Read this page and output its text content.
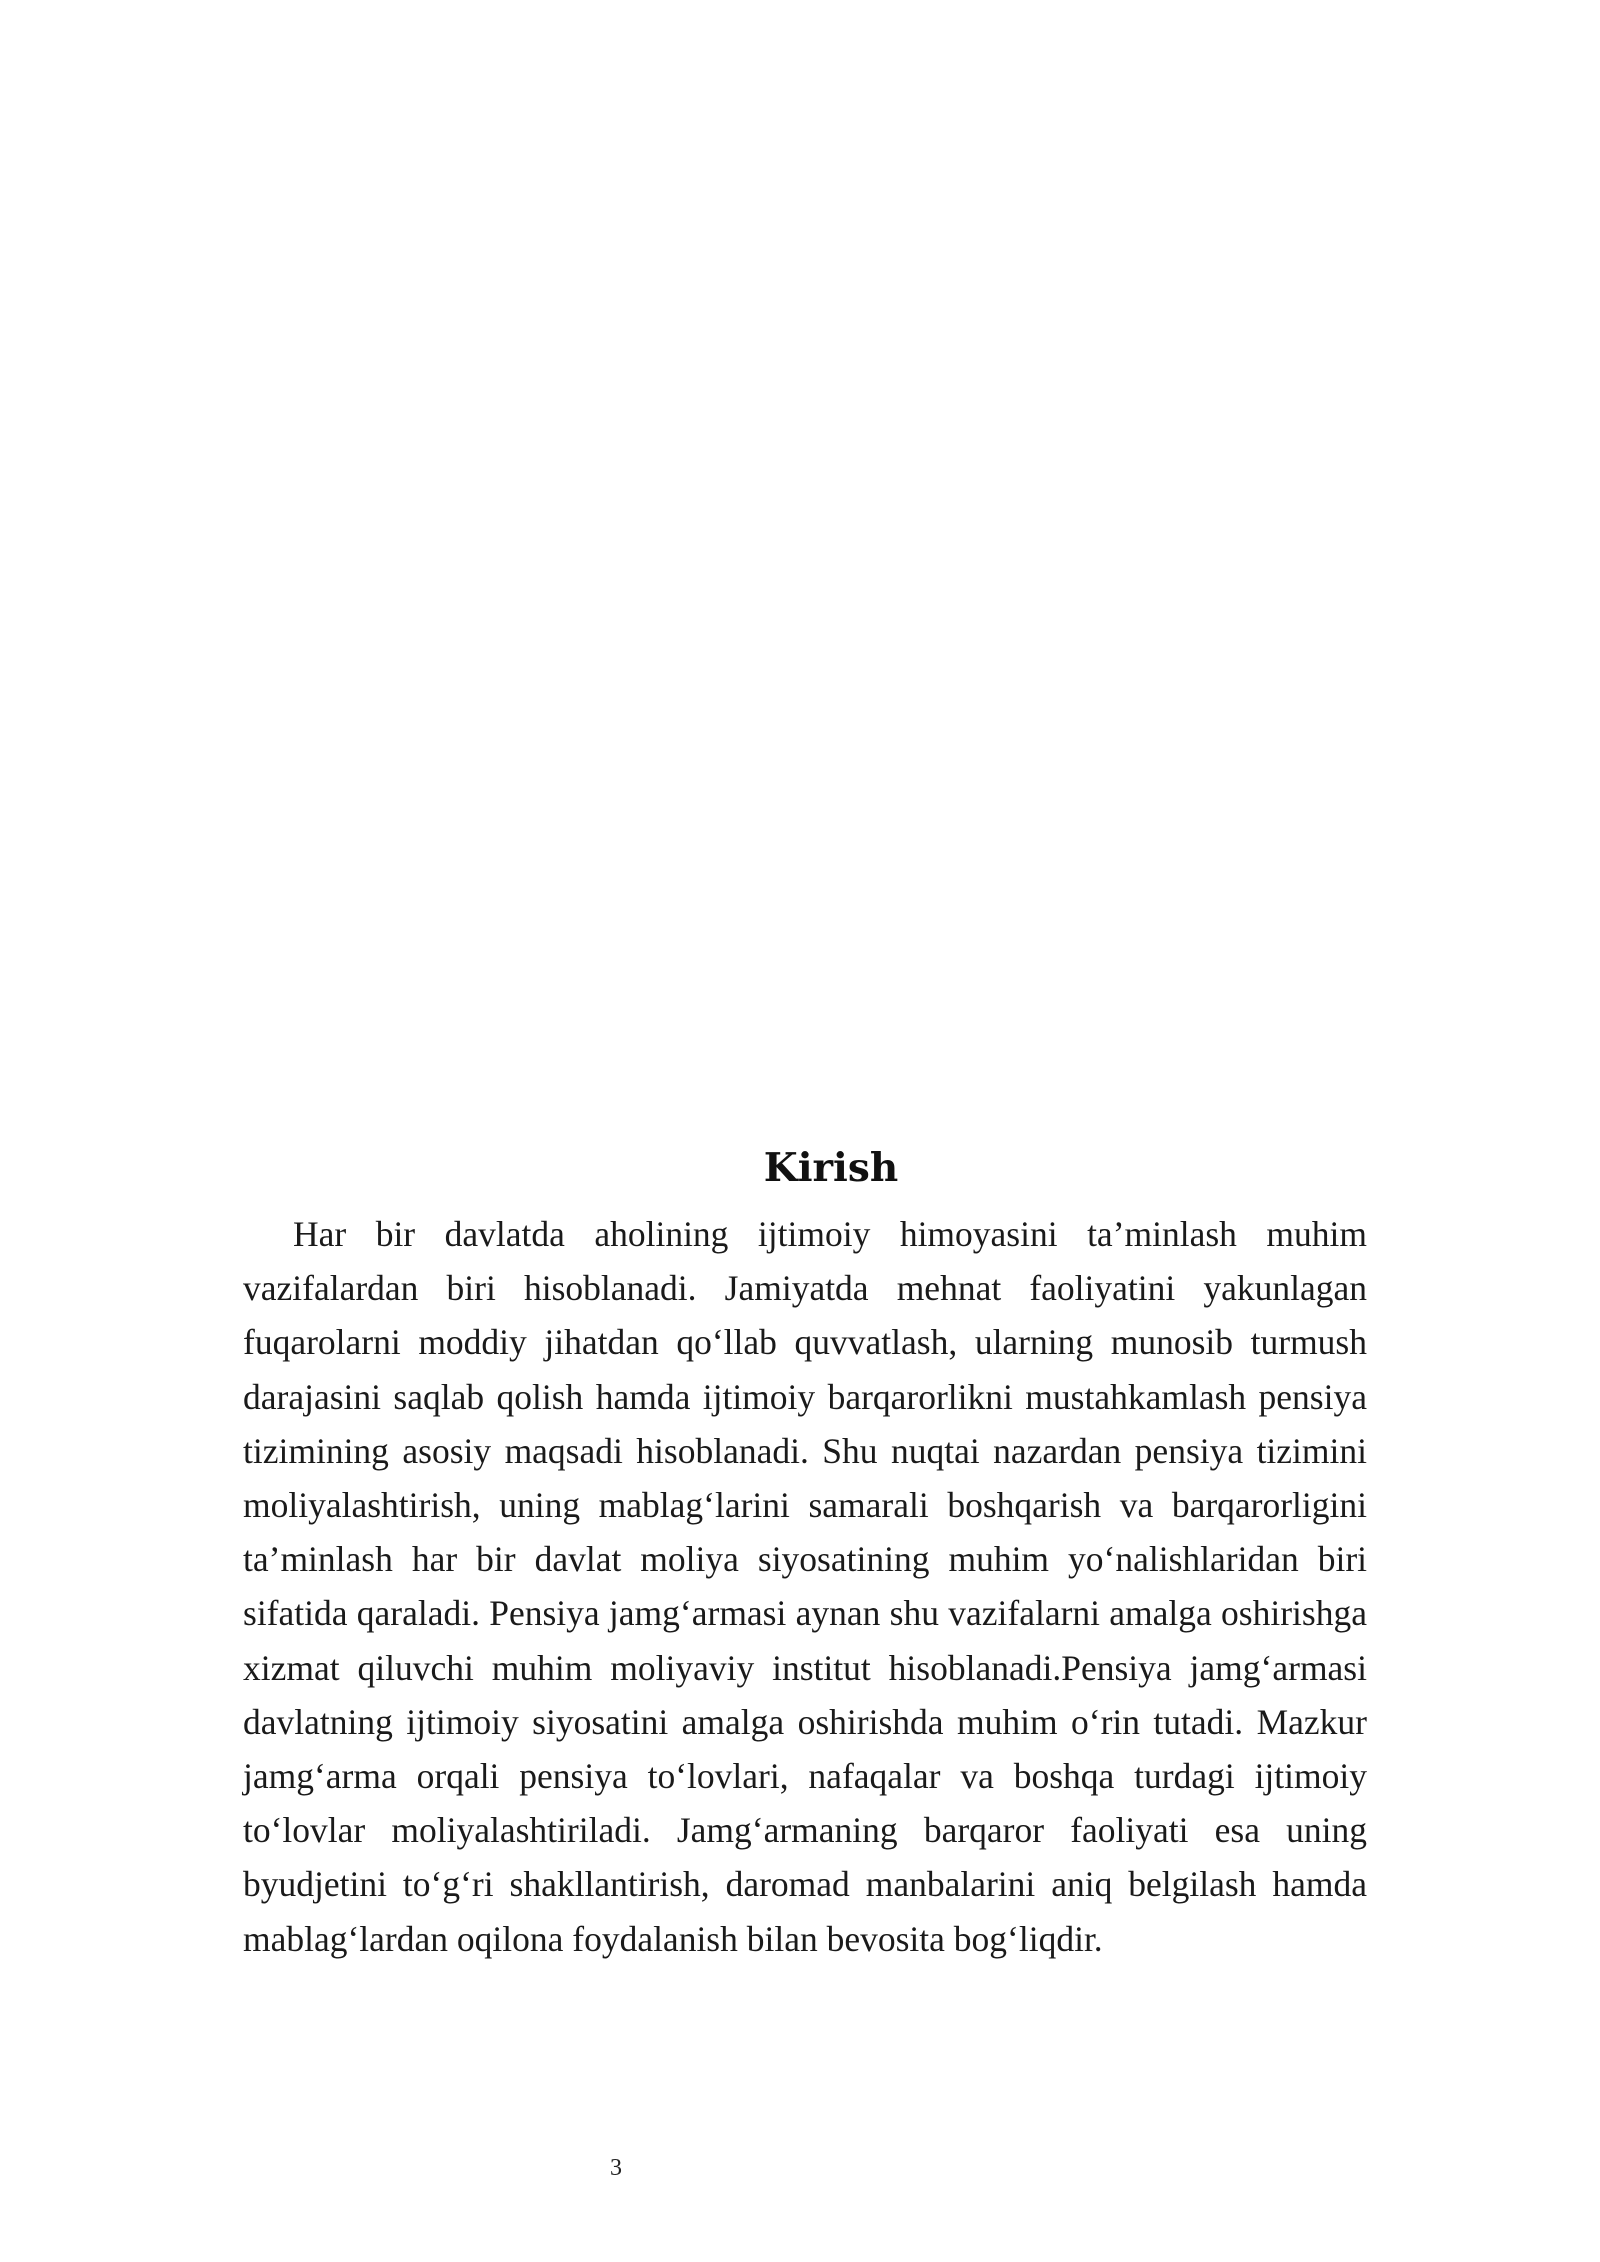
Kirish

Har bir davlatda aholining ijtimoiy himoyasini ta’minlash muhim vazifalardan biri hisoblanadi. Jamiyatda mehnat faoliyatini yakunlagan fuqarolarni moddiy jihatdan qo‘llab quvvatlash, ularning munosib turmush darajasini saqlab qolish hamda ijtimoiy barqarorlikni mustahkamlash pensiya tizimining asosiy maqsadi hisoblanadi. Shu nuqtai nazardan pensiya tizimini moliyalashtirish, uning mablag‘larini samarali boshqarish va barqarorligini ta’minlash har bir davlat moliya siyosatining muhim yo‘nalishlaridan biri sifatida qaraladi. Pensiya jamg‘armasi aynan shu vazifalarni amalga oshirishga xizmat qiluvchi muhim moliyaviy institut hisoblanadi.Pensiya jamg‘armasi davlatning ijtimoiy siyosatini amalga oshirishda muhim o‘rin tutadi. Mazkur jamg‘arma orqali pensiya to‘lovlari, nafaqalar va boshqa turdagi ijtimoiy to‘lovlar moliyalashtiriladi. Jamg‘armaning barqaror faoliyati esa uning byudjetini to‘g‘ri shakllantirish, daromad manbalarini aniq belgilash hamda mablag‘lardan oqilona foydalanish bilan bevosita bog‘liqdir.

3
